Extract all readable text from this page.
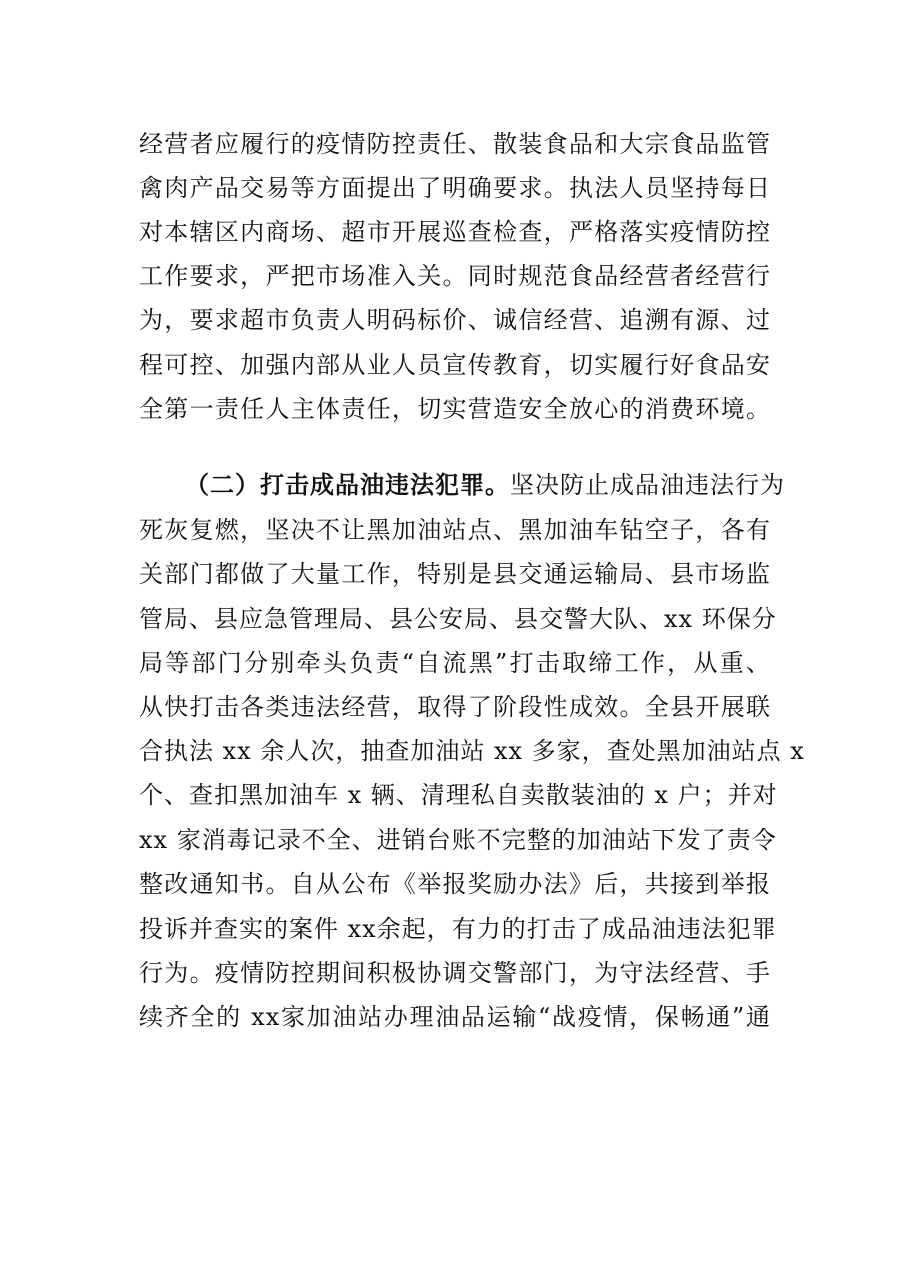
经营者应履行的疫情防控责任、散装食品和大宗食品监管
禽肉产品交易等方面提出了明确要求。执法人员坚持每日
对本辖区内商场、超市开展巡查检查，严格落实疫情防控
工作要求，严把市场准入关。同时规范食品经营者经营行
为，要求超市负责人明码标价、诚信经营、追溯有源、过
程可控、加强内部从业人员宣传教育，切实履行好食品安
全第一责任人主体责任，切实营造安全放心的消费环境。
（二）打击成品油违法犯罪。坚决防止成品油违法行为
死灰复燃，坚决不让黑加油站点、黑加油车钻空子，各有
关部门都做了大量工作，特别是县交通运输局、县市场监
管局、县应急管理局、县公安局、县交警大队、xx 环保分
局等部门分别牵头负责“自流黑”打击取缔工作，从重、
从快打击各类违法经营，取得了阶段性成效。全县开展联
合执法 xx 余人次，抽查加油站 xx 多家，查处黑加油站点 x
个、查扣黑加油车 x 辆、清理私自卖散装油的 x 户；并对
xx 家消毒记录不全、进销台账不完整的加油站下发了责令
整改通知书。自从公布《举报奖励办法》后，共接到举报
投诉并查实的案件 xx余起，有力的打击了成品油违法犯罪
行为。疫情防控期间积极协调交警部门，为守法经营、手
续齐全的 xx家加油站办理油品运输“战疫情，保畅通”通
